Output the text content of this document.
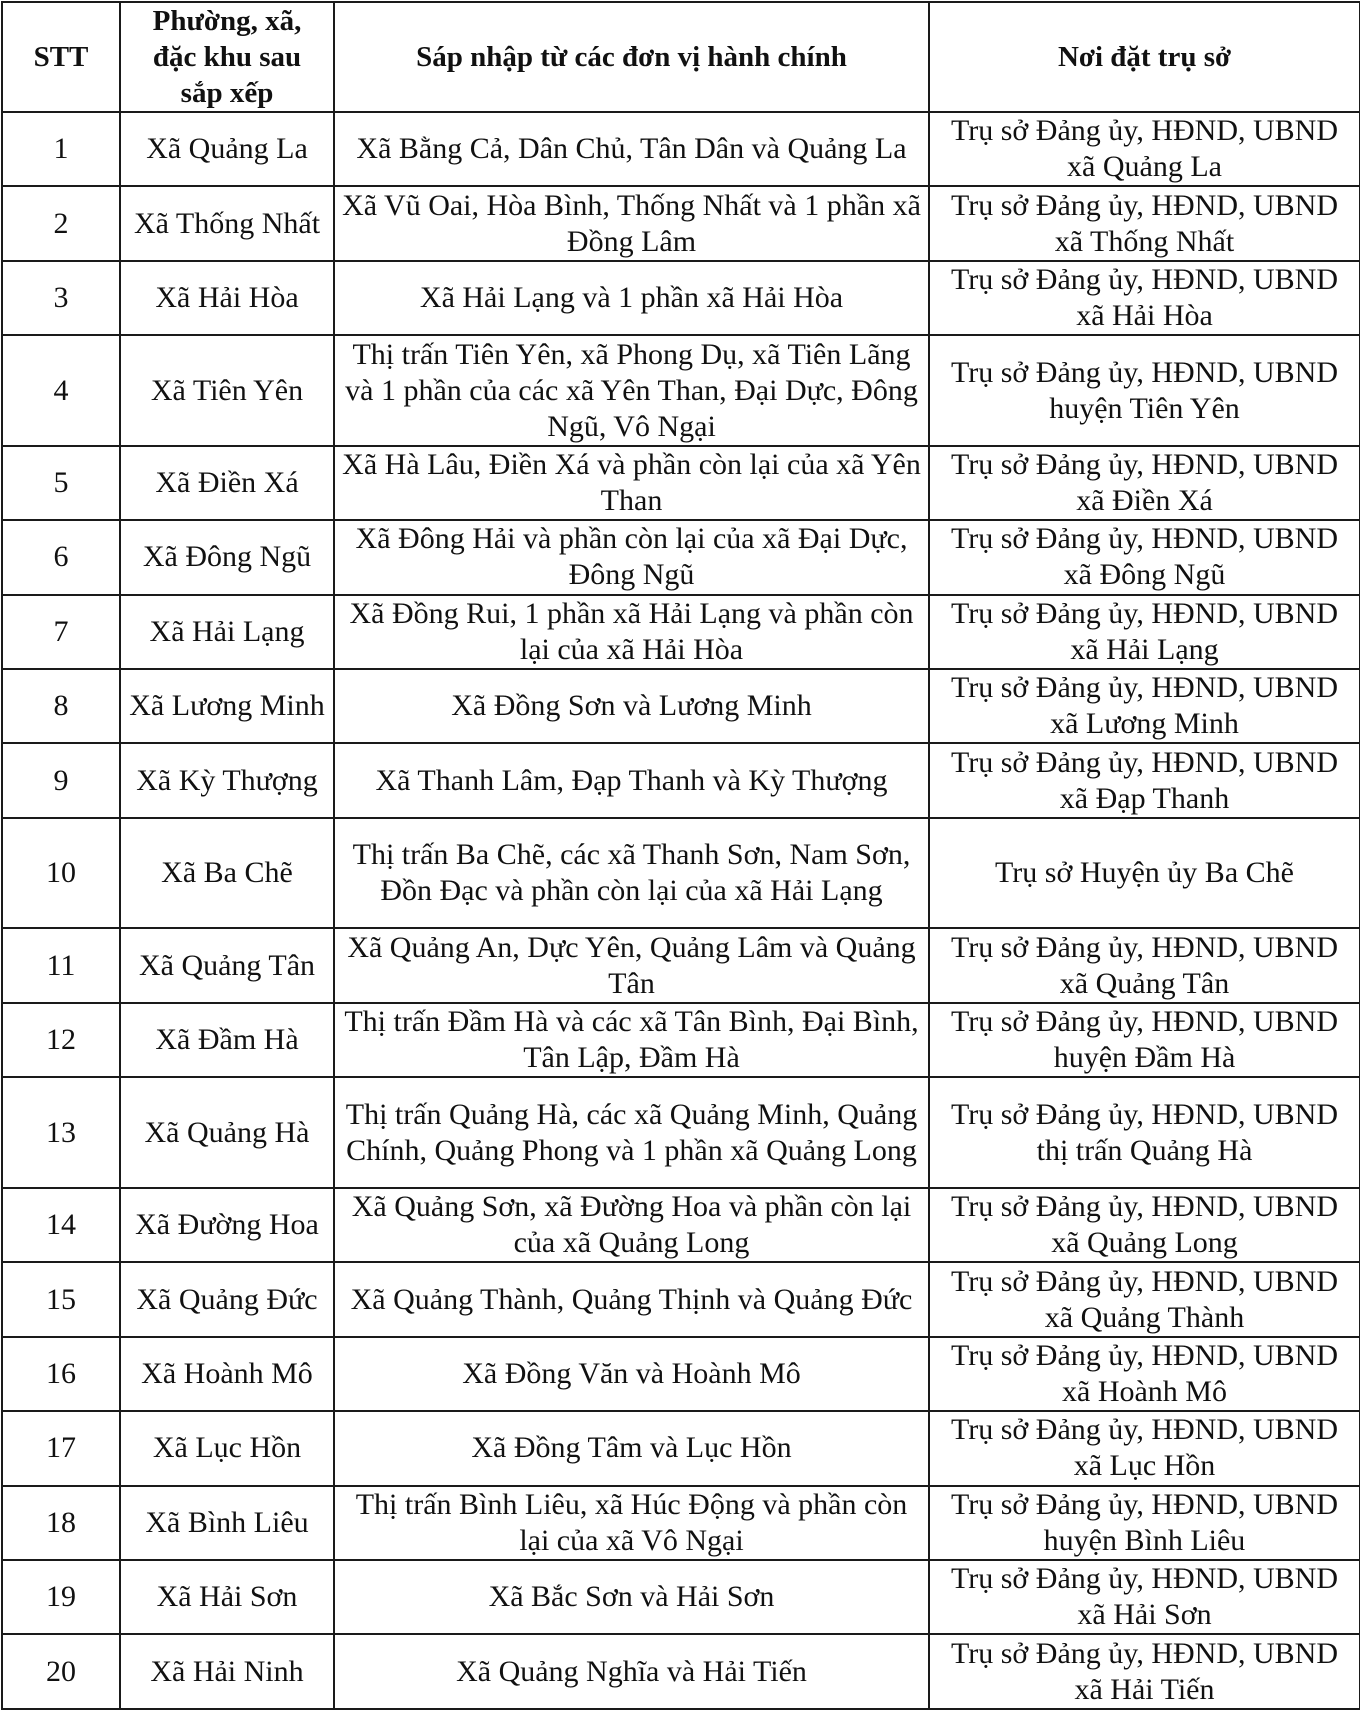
STT	Phường, xã,
đặc khu sau
sắp xếp	Sáp nhập từ các đơn vị hành chính	Nơi đặt trụ sở
1	Xã Quảng La	Xã Bằng Cả, Dân Chủ, Tân Dân và Quảng La	Trụ sở Đảng ủy, HĐND, UBND xã Quảng La
2	Xã Thống Nhất	Xã Vũ Oai, Hòa Bình, Thống Nhất và 1 phần xã Đồng Lâm	Trụ sở Đảng ủy, HĐND, UBND xã Thống Nhất
3	Xã Hải Hòa	Xã Hải Lạng và 1 phần xã Hải Hòa	Trụ sở Đảng ủy, HĐND, UBND xã Hải Hòa
4	Xã Tiên Yên	Thị trấn Tiên Yên, xã Phong Dụ, xã Tiên Lãng và 1 phần của các xã Yên Than, Đại Dực, Đông Ngũ, Vô Ngại	Trụ sở Đảng ủy, HĐND, UBND huyện Tiên Yên
5	Xã Điền Xá	Xã Hà Lâu, Điền Xá và phần còn lại của xã Yên Than	Trụ sở Đảng ủy, HĐND, UBND xã Điền Xá
6	Xã Đông Ngũ	Xã Đông Hải và phần còn lại của xã Đại Dực, Đông Ngũ	Trụ sở Đảng ủy, HĐND, UBND xã Đông Ngũ
7	Xã Hải Lạng	Xã Đồng Rui, 1 phần xã Hải Lạng và phần còn lại của xã Hải Hòa	Trụ sở Đảng ủy, HĐND, UBND xã Hải Lạng
8	Xã Lương Minh	Xã Đồng Sơn và Lương Minh	Trụ sở Đảng ủy, HĐND, UBND xã Lương Minh
9	Xã Kỳ Thượng	Xã Thanh Lâm, Đạp Thanh và Kỳ Thượng	Trụ sở Đảng ủy, HĐND, UBND xã Đạp Thanh
10	Xã Ba Chẽ	Thị trấn Ba Chẽ, các xã Thanh Sơn, Nam Sơn, Đồn Đạc và phần còn lại của xã Hải Lạng	Trụ sở Huyện ủy Ba Chẽ
11	Xã Quảng Tân	Xã Quảng An, Dực Yên, Quảng Lâm và Quảng Tân	Trụ sở Đảng ủy, HĐND, UBND xã Quảng Tân
12	Xã Đầm Hà	Thị trấn Đầm Hà và các xã Tân Bình, Đại Bình, Tân Lập, Đầm Hà	Trụ sở Đảng ủy, HĐND, UBND huyện Đầm Hà
13	Xã Quảng Hà	Thị trấn Quảng Hà, các xã Quảng Minh, Quảng Chính, Quảng Phong và 1 phần xã Quảng Long	Trụ sở Đảng ủy, HĐND, UBND thị trấn Quảng Hà
14	Xã Đường Hoa	Xã Quảng Sơn, xã Đường Hoa và phần còn lại của xã Quảng Long	Trụ sở Đảng ủy, HĐND, UBND xã Quảng Long
15	Xã Quảng Đức	Xã Quảng Thành, Quảng Thịnh và Quảng Đức	Trụ sở Đảng ủy, HĐND, UBND xã Quảng Thành
16	Xã Hoành Mô	Xã Đồng Văn và Hoành Mô	Trụ sở Đảng ủy, HĐND, UBND xã Hoành Mô
17	Xã Lục Hồn	Xã Đồng Tâm và Lục Hồn	Trụ sở Đảng ủy, HĐND, UBND xã Lục Hồn
18	Xã Bình Liêu	Thị trấn Bình Liêu, xã Húc Động và phần còn lại của xã Vô Ngại	Trụ sở Đảng ủy, HĐND, UBND huyện Bình Liêu
19	Xã Hải Sơn	Xã Bắc Sơn và Hải Sơn	Trụ sở Đảng ủy, HĐND, UBND xã Hải Sơn
20	Xã Hải Ninh	Xã Quảng Nghĩa và Hải Tiến	Trụ sở Đảng ủy, HĐND, UBND xã Hải Tiến
